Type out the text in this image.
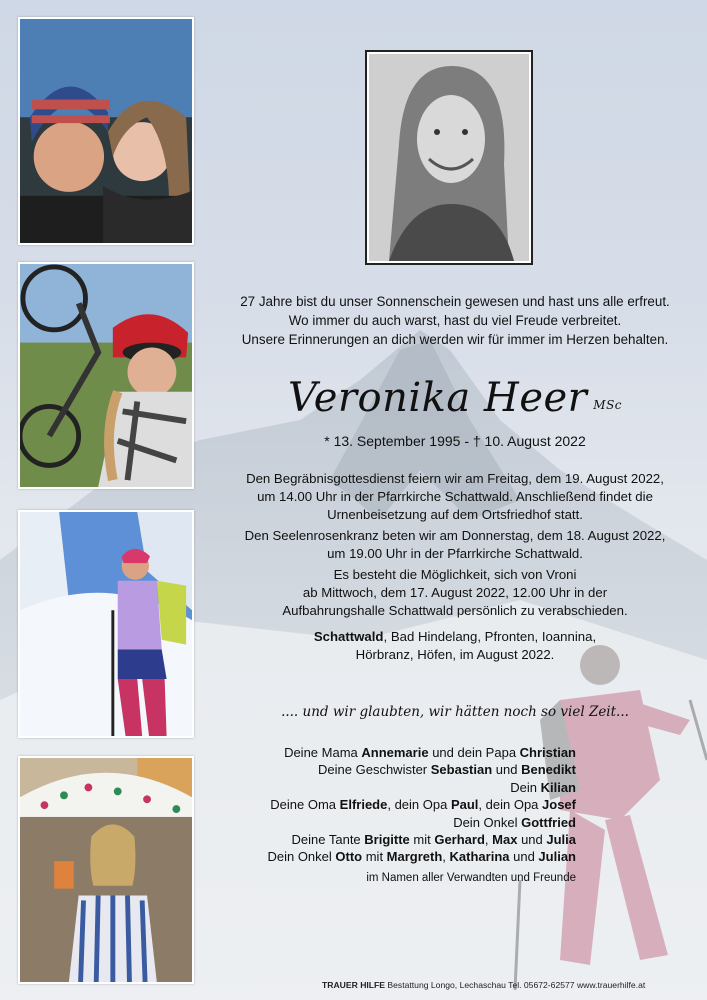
27 Jahre bist du unser Sonnenschein gewesen und hast uns alle erfreut.
Wo immer du auch warst, hast du viel Freude verbreitet.
Unsere Erinnerungen an dich werden wir für immer im Herzen behalten.
Veronika Heer MSc
* 13. September 1995 - † 10. August 2022
Den Begräbnisgottesdienst feiern wir am Freitag, dem 19. August 2022,
um 14.00 Uhr in der Pfarrkirche Schattwald. Anschließend findet die
Urnenbeisetzung auf dem Ortsfriedhof statt.
Den Seelenrosenkranz beten wir am Donnerstag, dem 18. August 2022,
um 19.00 Uhr in der Pfarrkirche Schattwald.
Es besteht die Möglichkeit, sich von Vroni
ab Mittwoch, dem 17. August 2022, 12.00 Uhr in der
Aufbahrungshalle Schattwald persönlich zu verabschieden.
Schattwald, Bad Hindelang, Pfronten, Ioannina,
Hörbranz, Höfen, im August 2022.
.... und wir glaubten, wir hätten noch so viel Zeit...
Deine Mama Annemarie und dein Papa Christian
Deine Geschwister Sebastian und Benedikt
Dein Kilian
Deine Oma Elfriede, dein Opa Paul, dein Opa Josef
Dein Onkel Gottfried
Deine Tante Brigitte mit Gerhard, Max und Julia
Dein Onkel Otto mit Margreth, Katharina und Julian
im Namen aller Verwandten und Freunde
TRAUER HILFE Bestattung Longo, Lechaschau Tel. 05672-62577 www.trauerhilfe.at
